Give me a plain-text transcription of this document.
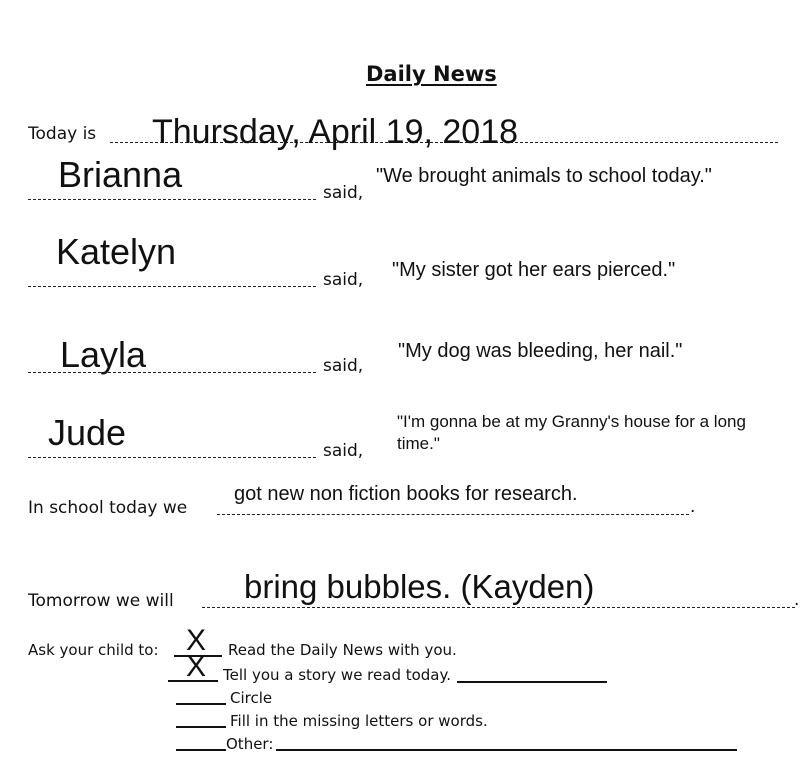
Daily News
Today is Thursday, April 19, 2018
Brianna	said,
"We brought animals to school today."
Katelyn
said, "My sister got her ears pierced."
Layla	said,
"My dog was bleeding, her nail."
Jude	said,
"I'm gonna be at my Granny's house for a long
time."
In school today we	.
got new non fiction books for research.
Tomorrow we will	.
bring bubbles. (Kayden)
Ask your child to: X Read the Daily News with you.
X Tell you a story we read today.
Circle
Fill in the missing letters or words.
Other:
